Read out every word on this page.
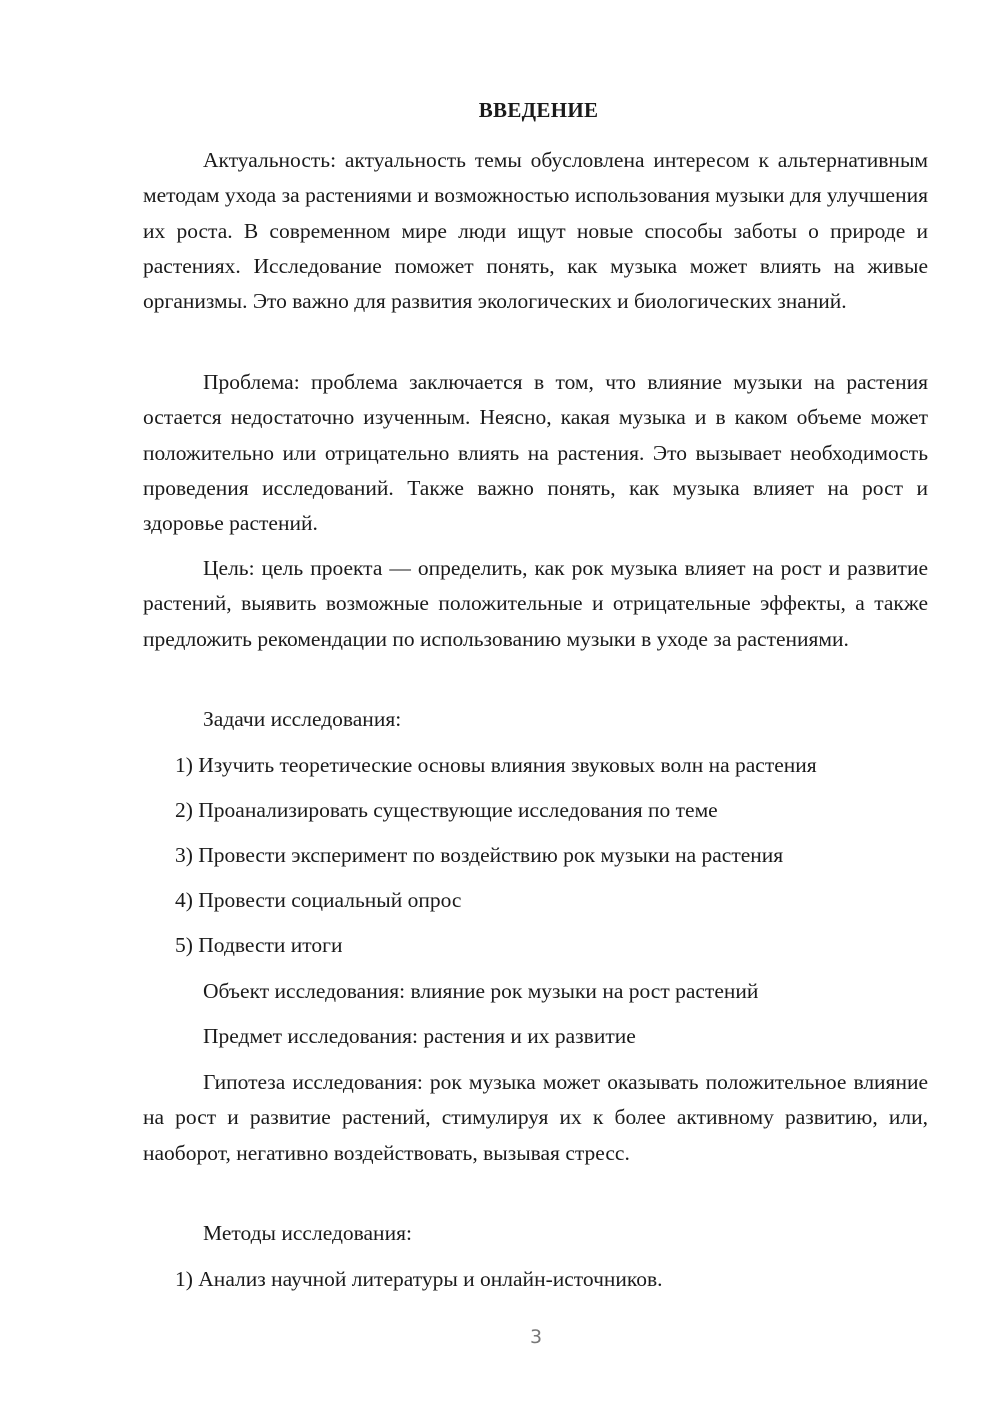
ВВЕДЕНИЕ

Актуальность: актуальность темы обусловлена интересом к альтернативным методам ухода за растениями и возможностью использования музыки для улучшения их роста. В современном мире люди ищут новые способы заботы о природе и растениях. Исследование поможет понять, как музыка может влиять на живые организмы. Это важно для развития экологических и биологических знаний.

Проблема: проблема заключается в том, что влияние музыки на растения остается недостаточно изученным. Неясно, какая музыка и в каком объеме может положительно или отрицательно влиять на растения. Это вызывает необходимость проведения исследований. Также важно понять, как музыка влияет на рост и здоровье растений.

Цель: цель проекта — определить, как рок музыка влияет на рост и развитие растений, выявить возможные положительные и отрицательные эффекты, а также предложить рекомендации по использованию музыки в уходе за растениями.

Задачи исследования:

1) Изучить теоретические основы влияния звуковых волн на растения

2) Проанализировать существующие исследования по теме

3) Провести эксперимент по воздействию рок музыки на растения

4) Провести социальный опрос

5) Подвести итоги

Объект исследования: влияние рок музыки на рост растений

Предмет исследования: растения и их развитие

Гипотеза исследования: рок музыка может оказывать положительное влияние на рост и развитие растений, стимулируя их к более активному развитию, или, наоборот, негативно воздействовать, вызывая стресс.

Методы исследования:

1) Анализ научной литературы и онлайн-источников.

3
